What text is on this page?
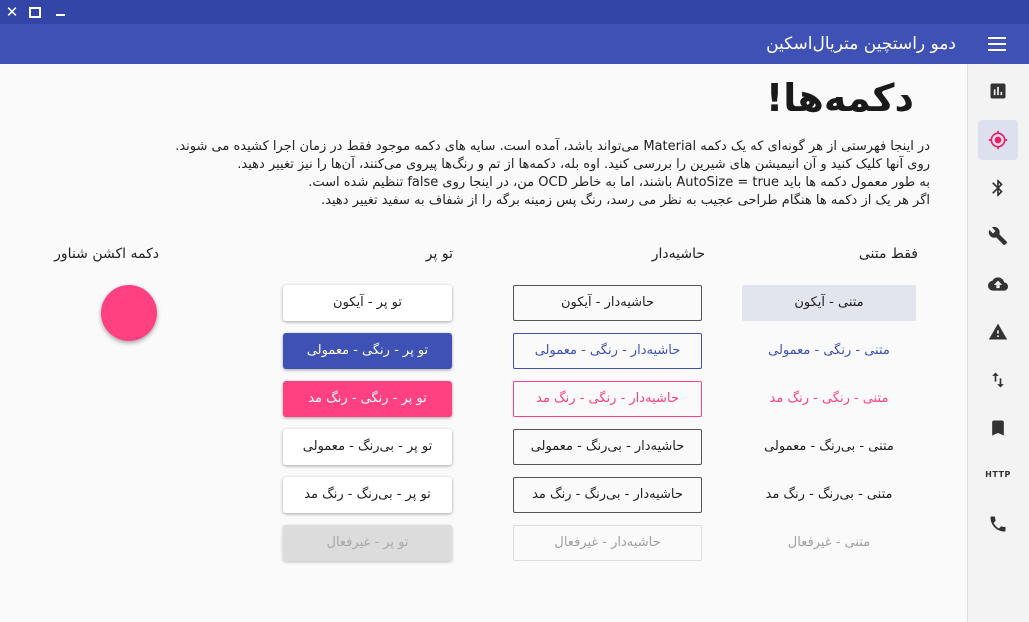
✕
دمو راستچین متریال‌اسکین
HTTP
دکمه‌ها!
.می‌تواند باشد، آمده است. سایه های دکمه موجود فقط در زمان اجرا کشیده می شوند Material در اینجا فهرستی از هر گونه‌ای که یک دکمه
.روی آنها کلیک کنید و آن انیمیشن های شیرین را بررسی کنید. اوه بله، دکمه‌ها از تم و رنگ‌ها پیروی می‌کنند، آن‌ها را نیز تغییر دهید
.تنظیم شده است false من، در اینجا روی OCD باشند، اما به خاطر AutoSize = true به طور معمول دکمه ها باید
.اگر هر یک از دکمه ها هنگام طراحی عجیب به نظر می رسد، رنگ پس زمینه برگه را از شفاف به سفید تغییر دهید
فقط متنی
حاشیه‌دار
تو پر
دکمه اکشن شناور
متنی - آیکون
متنی - رنگی - معمولی
متنی - رنگی - رنگ مد
متنی - بی‌رنگ - معمولی
متنی - بی‌رنگ - رنگ مد
متنی - غیرفعال
حاشیه‌دار - آیکون
حاشیه‌دار - رنگی - معمولی
حاشیه‌دار - رنگی - رنگ مد
حاشیه‌دار - بی‌رنگ - معمولی
حاشیه‌دار - بی‌رنگ - رنگ مد
حاشیه‌دار - غیرفعال
تو پر - آیکون
تو پر - رنگی - معمولی
تو پر - رنگی - رنگ مد
تو پر - بی‌رنگ - معمولی
تو پر - بی‌رنگ - رنگ مد
تو پر - غیرفعال
